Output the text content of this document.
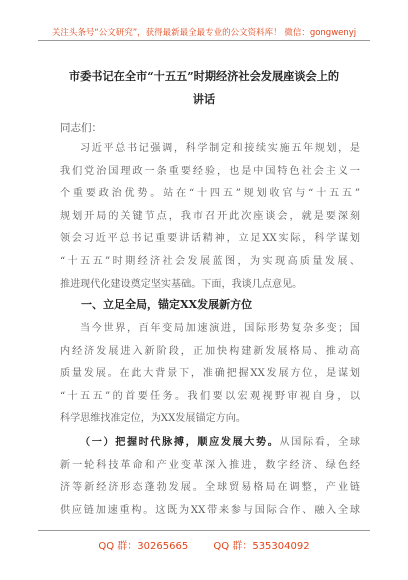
关注头条号“公文研究”，获得最新最全最专业的公文资料库！ 微信：gongwenyj
市委书记在全市“十五五”时期经济社会发展座谈会上的
讲话
同志们：
习近平总书记强调，科学制定和接续实施五年规划，是
我们党治国理政一条重要经验，也是中国特色社会主义一
个重要政治优势。站在“十四五”规划收官与“十五五”
规划开局的关键节点，我市召开此次座谈会，就是要深刻
领会习近平总书记重要讲话精神，立足XX实际，科学谋划
“十五五”时期经济社会发展蓝图，为实现高质量发展、
推进现代化建设奠定坚实基础。下面，我谈几点意见。
一、立足全局，锚定XX发展新方位
当今世界，百年变局加速演进，国际形势复杂多变；国
内经济发展进入新阶段，正加快构建新发展格局、推动高
质量发展。在此大背景下，准确把握XX发展方位，是谋划
“十五五”的首要任务。我们要以宏观视野审视自身，以
科学思维找准定位，为XX发展锚定方向。
（一）把握时代脉搏，顺应发展大势。从国际看，全球
新一轮科技革命和产业变革深入推进，数字经济、绿色经
济等新经济形态蓬勃发展。全球贸易格局在调整，产业链
供应链加速重构。这既为XX带来参与国际合作、融入全球
QQ 群：30265665	QQ 群：535304092
